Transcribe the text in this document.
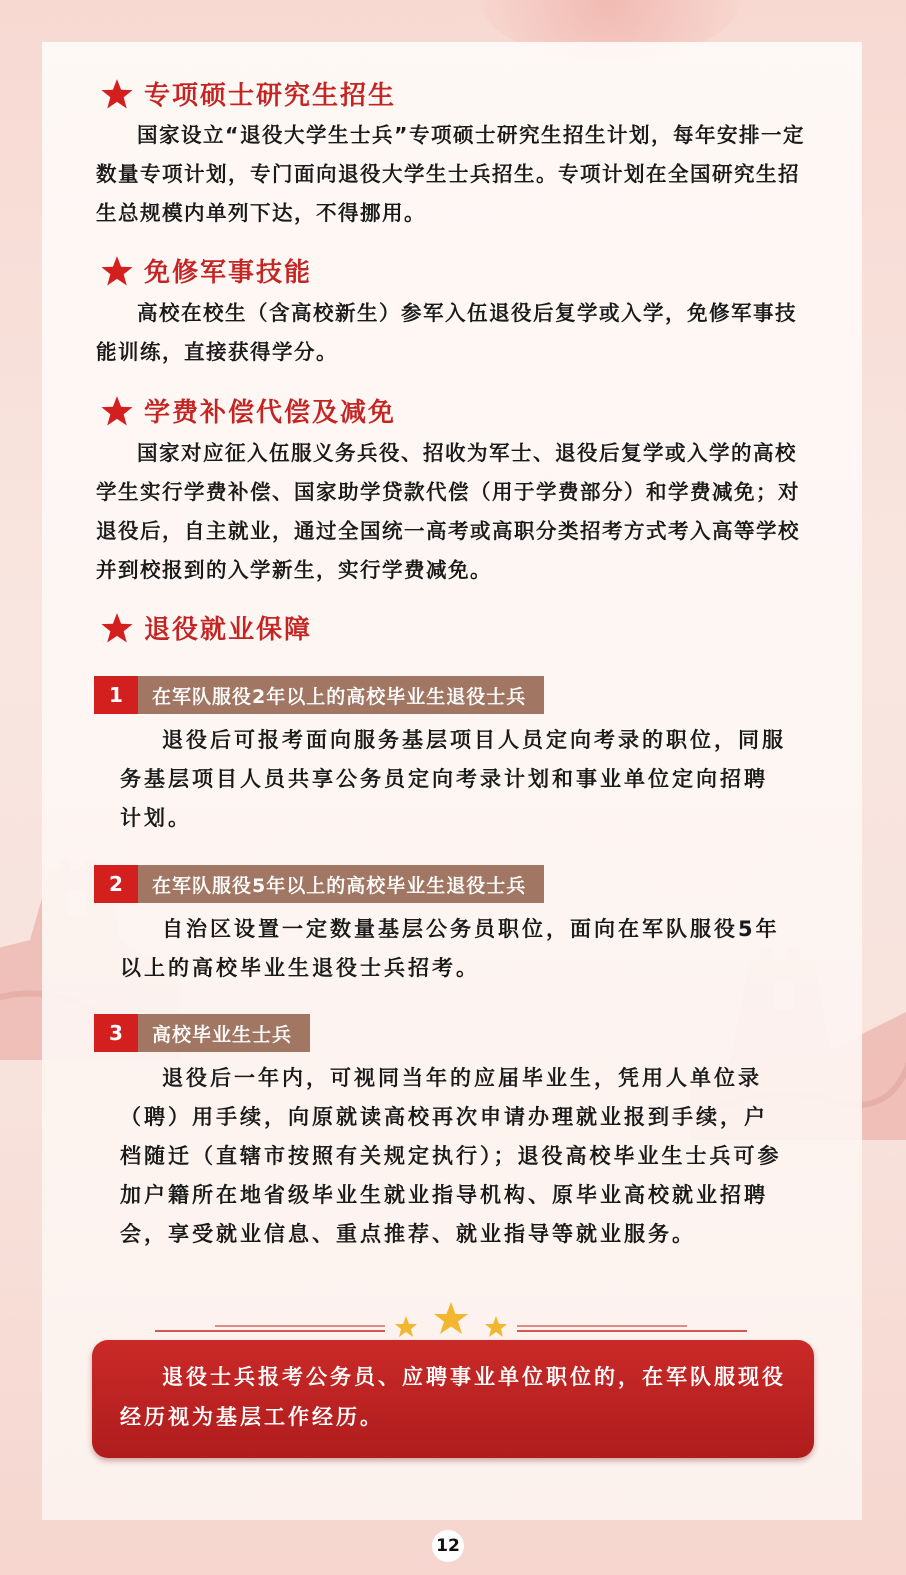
专项硕士研究生招生

国家设立“退役大学生士兵”专项硕士研究生招生计划，每年安排一定数量专项计划，专门面向退役大学生士兵招生。专项计划在全国研究生招生总规模内单列下达，不得挪用。

免修军事技能

高校在校生（含高校新生）参军入伍退役后复学或入学，免修军事技能训练，直接获得学分。

学费补偿代偿及减免

国家对应征入伍服义务兵役、招收为军士、退役后复学或入学的高校学生实行学费补偿、国家助学贷款代偿（用于学费部分）和学费减免；对退役后，自主就业，通过全国统一高考或高职分类招考方式考入高等学校并到校报到的入学新生，实行学费减免。

退役就业保障
1	在军队服役2年以上的高校毕业生退役士兵

退役后可报考面向服务基层项目人员定向考录的职位，同服务基层项目人员共享公务员定向考录计划和事业单位定向招聘计划。

2	在军队服役5年以上的高校毕业生退役士兵

自治区设置一定数量基层公务员职位，面向在军队服役5年以上的高校毕业生退役士兵招考。

3	高校毕业生士兵

退役后一年内，可视同当年的应届毕业生，凭用人单位录（聘）用手续，向原就读高校再次申请办理就业报到手续，户档随迁（直辖市按照有关规定执行）；退役高校毕业生士兵可参加户籍所在地省级毕业生就业指导机构、原毕业高校就业招聘会，享受就业信息、重点推荐、就业指导等就业服务。

退役士兵报考公务员、应聘事业单位职位的，在军队服现役经历视为基层工作经历。

12
